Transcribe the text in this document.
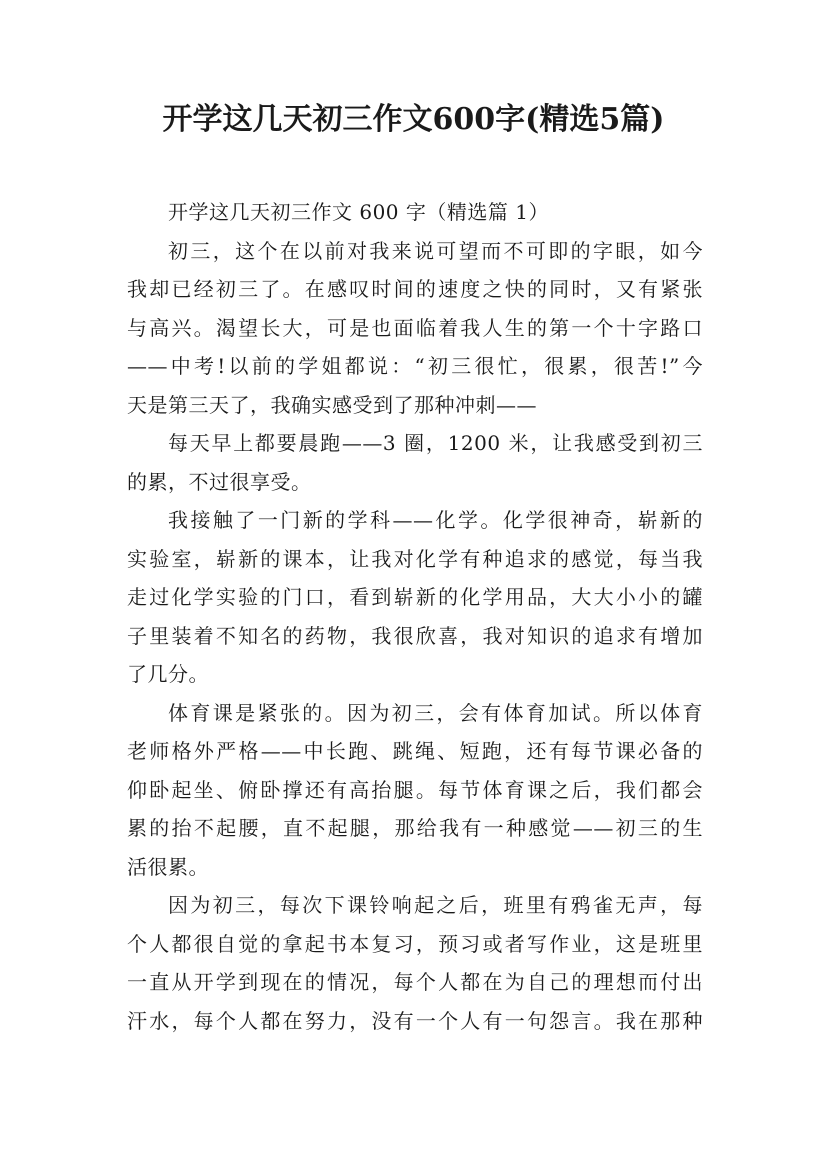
开学这几天初三作文600字(精选5篇)
开学这几天初三作文 600 字（精选篇 1）
初三，这个在以前对我来说可望而不可即的字眼，如今
我却已经初三了。在感叹时间的速度之快的同时，又有紧张
与高兴。渴望长大，可是也面临着我人生的第一个十字路口
——中考!以前的学姐都说：“初三很忙，很累，很苦!”今
天是第三天了，我确实感受到了那种冲刺——
每天早上都要晨跑——3 圈，1200 米，让我感受到初三
的累，不过很享受。
我接触了一门新的学科——化学。化学很神奇，崭新的
实验室，崭新的课本，让我对化学有种追求的感觉，每当我
走过化学实验的门口，看到崭新的化学用品，大大小小的罐
子里装着不知名的药物，我很欣喜，我对知识的追求有增加
了几分。
体育课是紧张的。因为初三，会有体育加试。所以体育
老师格外严格——中长跑、跳绳、短跑，还有每节课必备的
仰卧起坐、俯卧撑还有高抬腿。每节体育课之后，我们都会
累的抬不起腰，直不起腿，那给我有一种感觉——初三的生
活很累。
因为初三，每次下课铃响起之后，班里有鸦雀无声，每
个人都很自觉的拿起书本复习，预习或者写作业，这是班里
一直从开学到现在的情况，每个人都在为自己的理想而付出
汗水，每个人都在努力，没有一个人有一句怨言。我在那种
